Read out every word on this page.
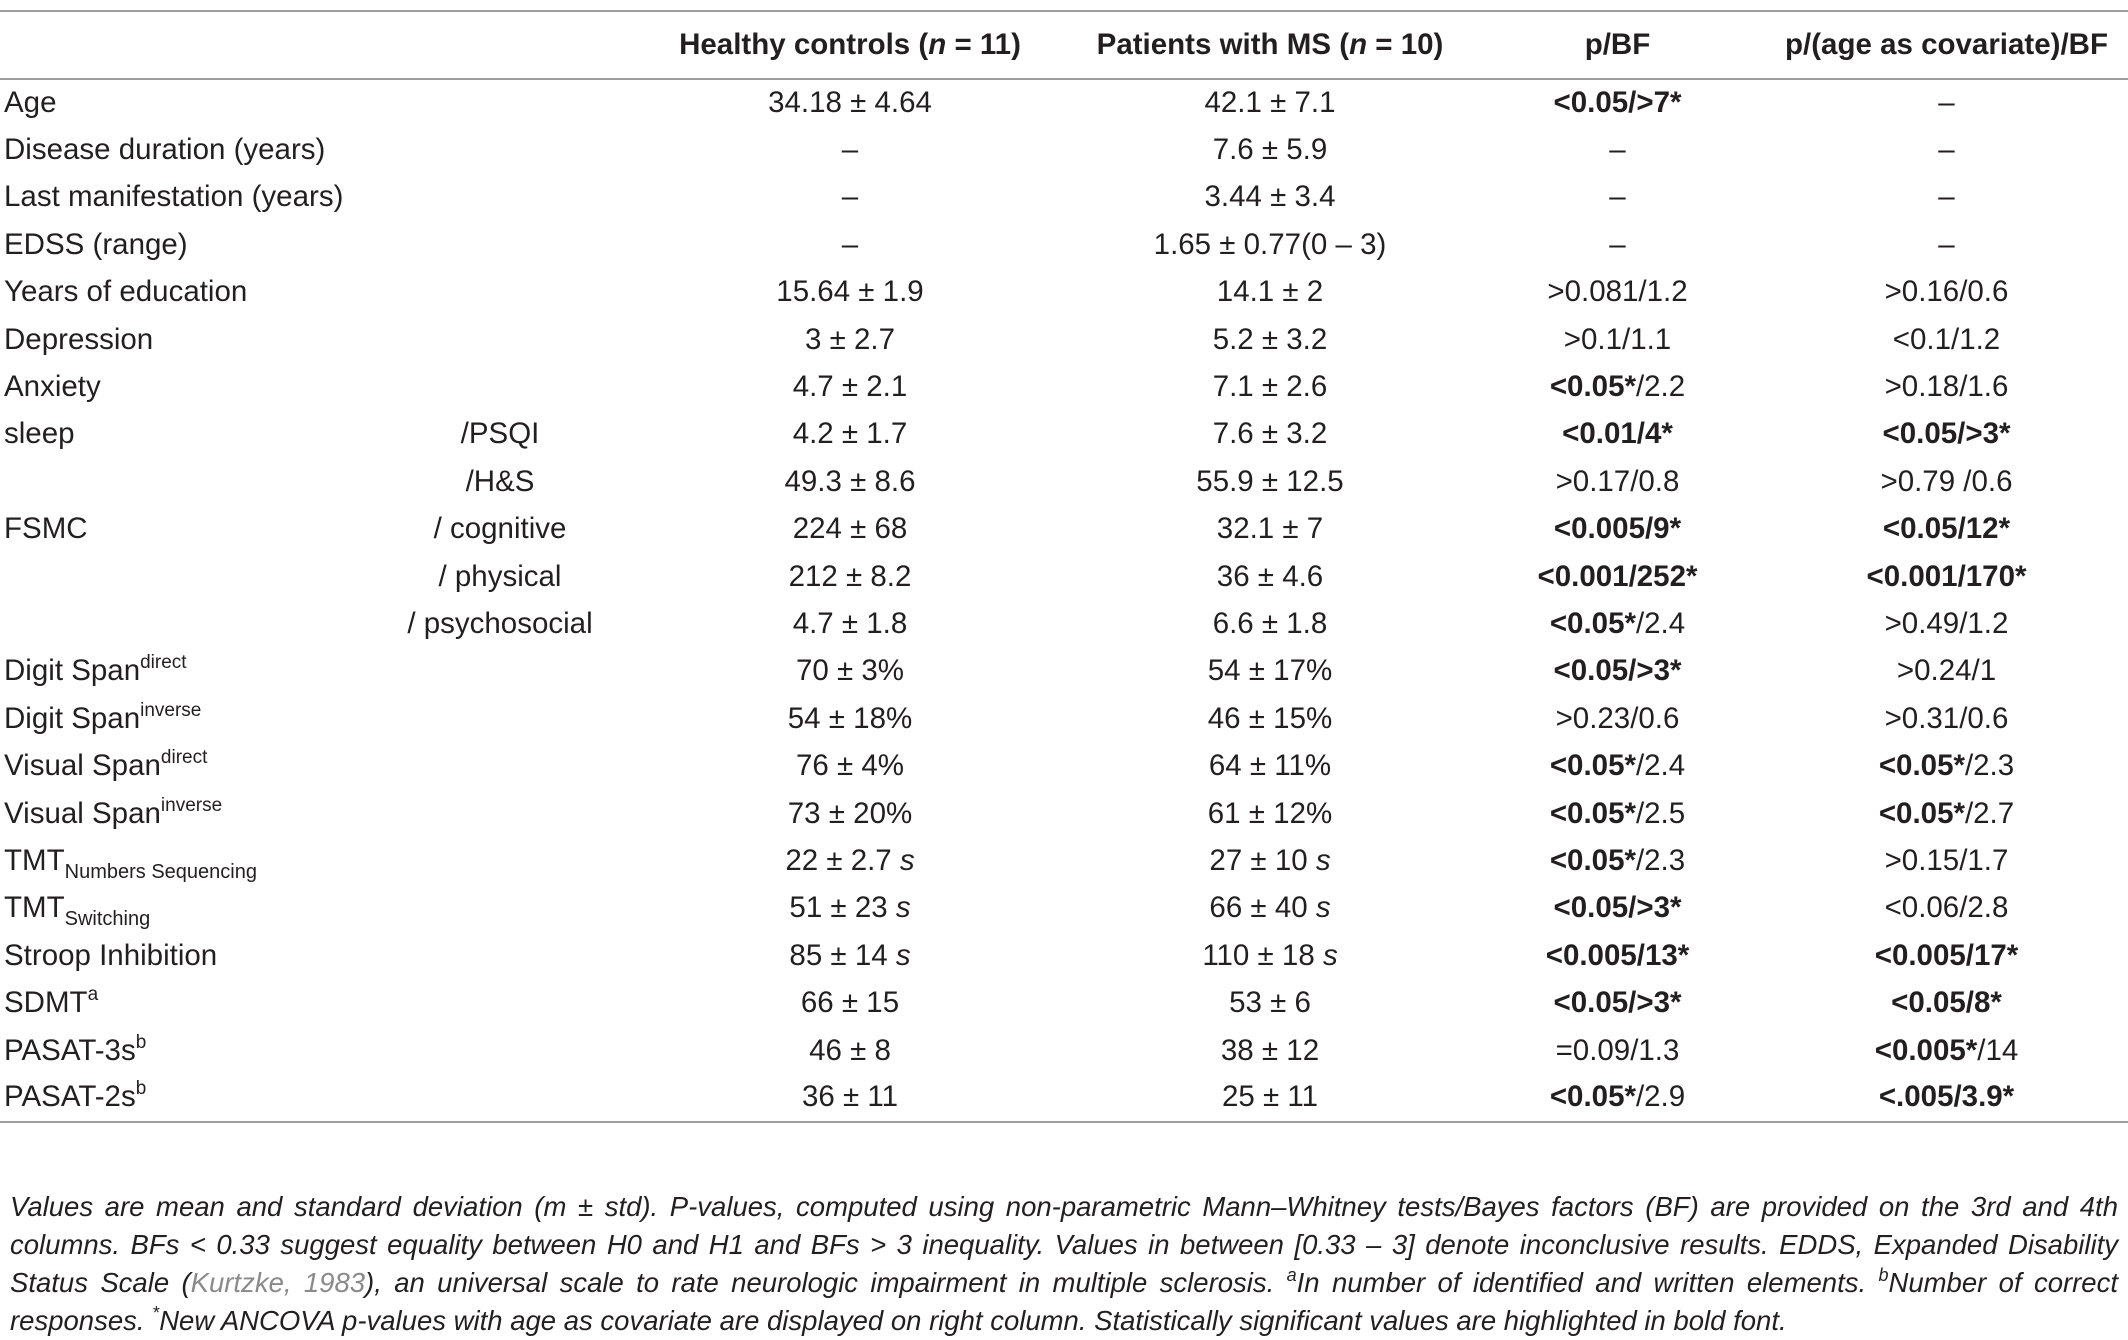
		Healthy controls (n = 11)	Patients with MS (n = 10)	p/BF	p/(age as covariate)/BF
Age		34.18 ± 4.64	42.1 ± 7.1	<0.05/>7*	–
Disease duration (years)		–	7.6 ± 5.9	–	–
Last manifestation (years)		–	3.44 ± 3.4	–	–
EDSS (range)		–	1.65 ± 0.77(0 – 3)	–	–
Years of education		15.64 ± 1.9	14.1 ± 2	>0.081/1.2	>0.16/0.6
Depression		3 ± 2.7	5.2 ± 3.2	>0.1/1.1	<0.1/1.2
Anxiety		4.7 ± 2.1	7.1 ± 2.6	<0.05*/2.2	>0.18/1.6
sleep	/PSQI	4.2 ± 1.7	7.6 ± 3.2	<0.01/4*	<0.05/>3*
	/H&S	49.3 ± 8.6	55.9 ± 12.5	>0.17/0.8	>0.79 /0.6
FSMC	/ cognitive	224 ± 68	32.1 ± 7	<0.005/9*	<0.05/12*
	/ physical	212 ± 8.2	36 ± 4.6	<0.001/252*	<0.001/170*
	/ psychosocial	4.7 ± 1.8	6.6 ± 1.8	<0.05*/2.4	>0.49/1.2
Digit Span$^{direct}$		70 ± 3%	54 ± 17%	<0.05/>3*	>0.24/1
Digit Span$^{inverse}$		54 ± 18%	46 ± 15%	>0.23/0.6	>0.31/0.6
Visual Span$^{direct}$		76 ± 4%	64 ± 11%	<0.05*/2.4	<0.05*/2.3
Visual Span$^{inverse}$		73 ± 20%	61 ± 12%	<0.05*/2.5	<0.05*/2.7
$TMT_{Numbers Sequencing}$		22 ± 2.7 s	27 ± 10 s	<0.05*/2.3	>0.15/1.7
$TMT_{Switching}$		51 ± 23 s	66 ± 40 s	<0.05/>3*	<0.06/2.8
Stroop Inhibition		85 ± 14 s	110 ± 18 s	<0.005/13*	<0.005/17*
SDMT$^a$		66 ± 15	53 ± 6	<0.05/>3*	<0.05/8*
PASAT-$3s^b$		46 ± 8	38 ± 12	=0.09/1.3	<0.005*/14
PASAT-$2s^b$		36 ± 11	25 ± 11	<0.05*/2.9	<.005/3.9*
Values are mean and standard deviation (m ± std). P-values, computed using non-parametric Mann–Whitney tests/Bayes factors (BF) are provided on the 3rd and 4th columns. BFs < 0.33 suggest equality between H0 and H1 and BFs > 3 inequality. Values in between [0.33 – 3] denote inconclusive results. EDDS, Expanded Disability Status Scale (Kurtzke, 1983), an universal scale to rate neurologic impairment in multiple sclerosis. $^a$In number of identified and written elements. $^b$Number of correct responses. *New ANCOVA p-values with age as covariate are displayed on right column. Statistically significant values are highlighted in bold font.
